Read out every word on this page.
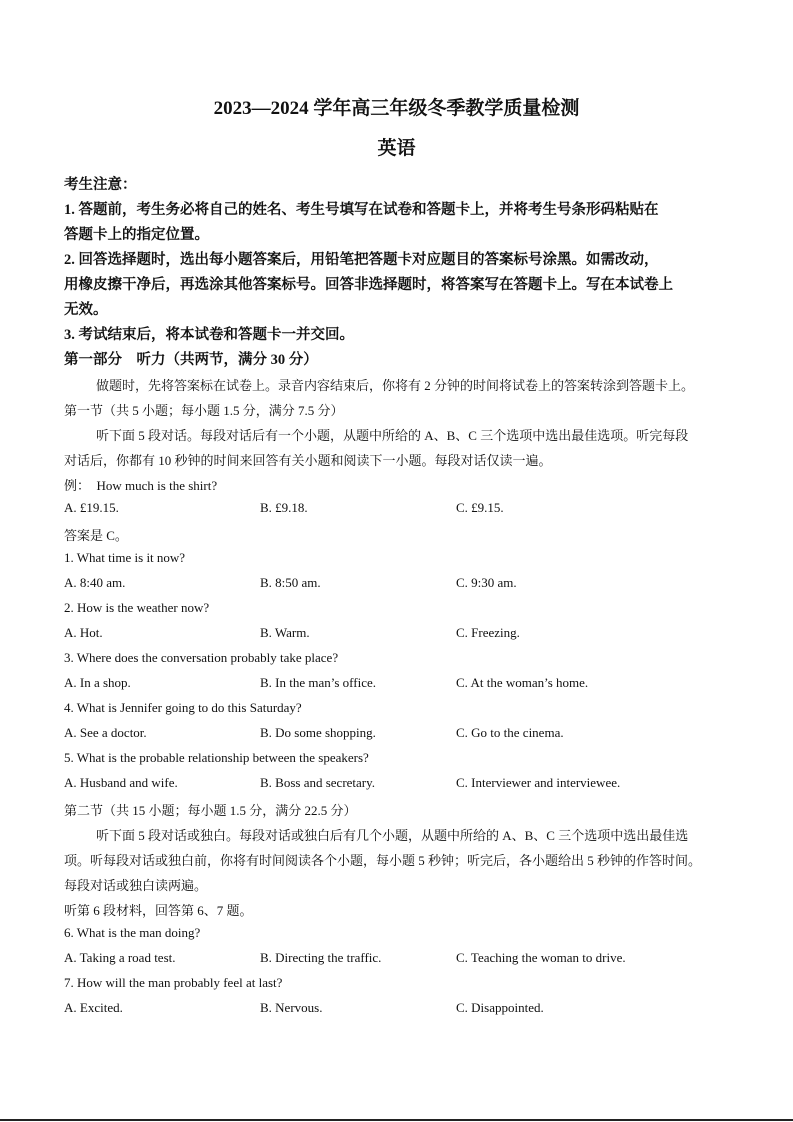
2023—2024 学年高三年级冬季教学质量检测
英语
考生注意：
1. 答题前，考生务必将自己的姓名、考生号填写在试卷和答题卡上，并将考生号条形码粘贴在
答题卡上的指定位置。
2. 回答选择题时，选出每小题答案后，用铅笔把答题卡对应题目的答案标号涂黑。如需改动，
用橡皮擦干净后，再选涂其他答案标号。回答非选择题时，将答案写在答题卡上。写在本试卷上
无效。
3. 考试结束后，将本试卷和答题卡一并交回。
第一部分　听力（共两节，满分 30 分）
做题时，先将答案标在试卷上。录音内容结束后，你将有 2 分钟的时间将试卷上的答案转涂到答题卡上。
第一节（共 5 小题；每小题 1.5 分，满分 7.5 分）
听下面 5 段对话。每段对话后有一个小题，从题中所给的 A、B、C 三个选项中选出最佳选项。听完每段
对话后，你都有 10 秒钟的时间来回答有关小题和阅读下一小题。每段对话仅读一遍。
例：　How much is the shirt?
A. £19.15.	B. £9.18.	C. £9.15.
答案是 C。
1. What time is it now?
A. 8:40 am.	B. 8:50 am.	C. 9:30 am.
2. How is the weather now?
A. Hot.	B. Warm.	C. Freezing.
3. Where does the conversation probably take place?
A. In a shop.	B. In the man’s office.	C. At the woman’s home.
4. What is Jennifer going to do this Saturday?
A. See a doctor.	B. Do some shopping.	C. Go to the cinema.
5. What is the probable relationship between the speakers?
A. Husband and wife.	B. Boss and secretary.	C. Interviewer and interviewee.
第二节（共 15 小题；每小题 1.5 分，满分 22.5 分）
听下面 5 段对话或独白。每段对话或独白后有几个小题，从题中所给的 A、B、C 三个选项中选出最佳选
项。听每段对话或独白前，你将有时间阅读各个小题，每小题 5 秒钟；听完后，各小题给出 5 秒钟的作答时间。
每段对话或独白读两遍。
听第 6 段材料，回答第 6、7 题。
6. What is the man doing?
A. Taking a road test.	B. Directing the traffic.	C. Teaching the woman to drive.
7. How will the man probably feel at last?
A. Excited.	B. Nervous.	C. Disappointed.
